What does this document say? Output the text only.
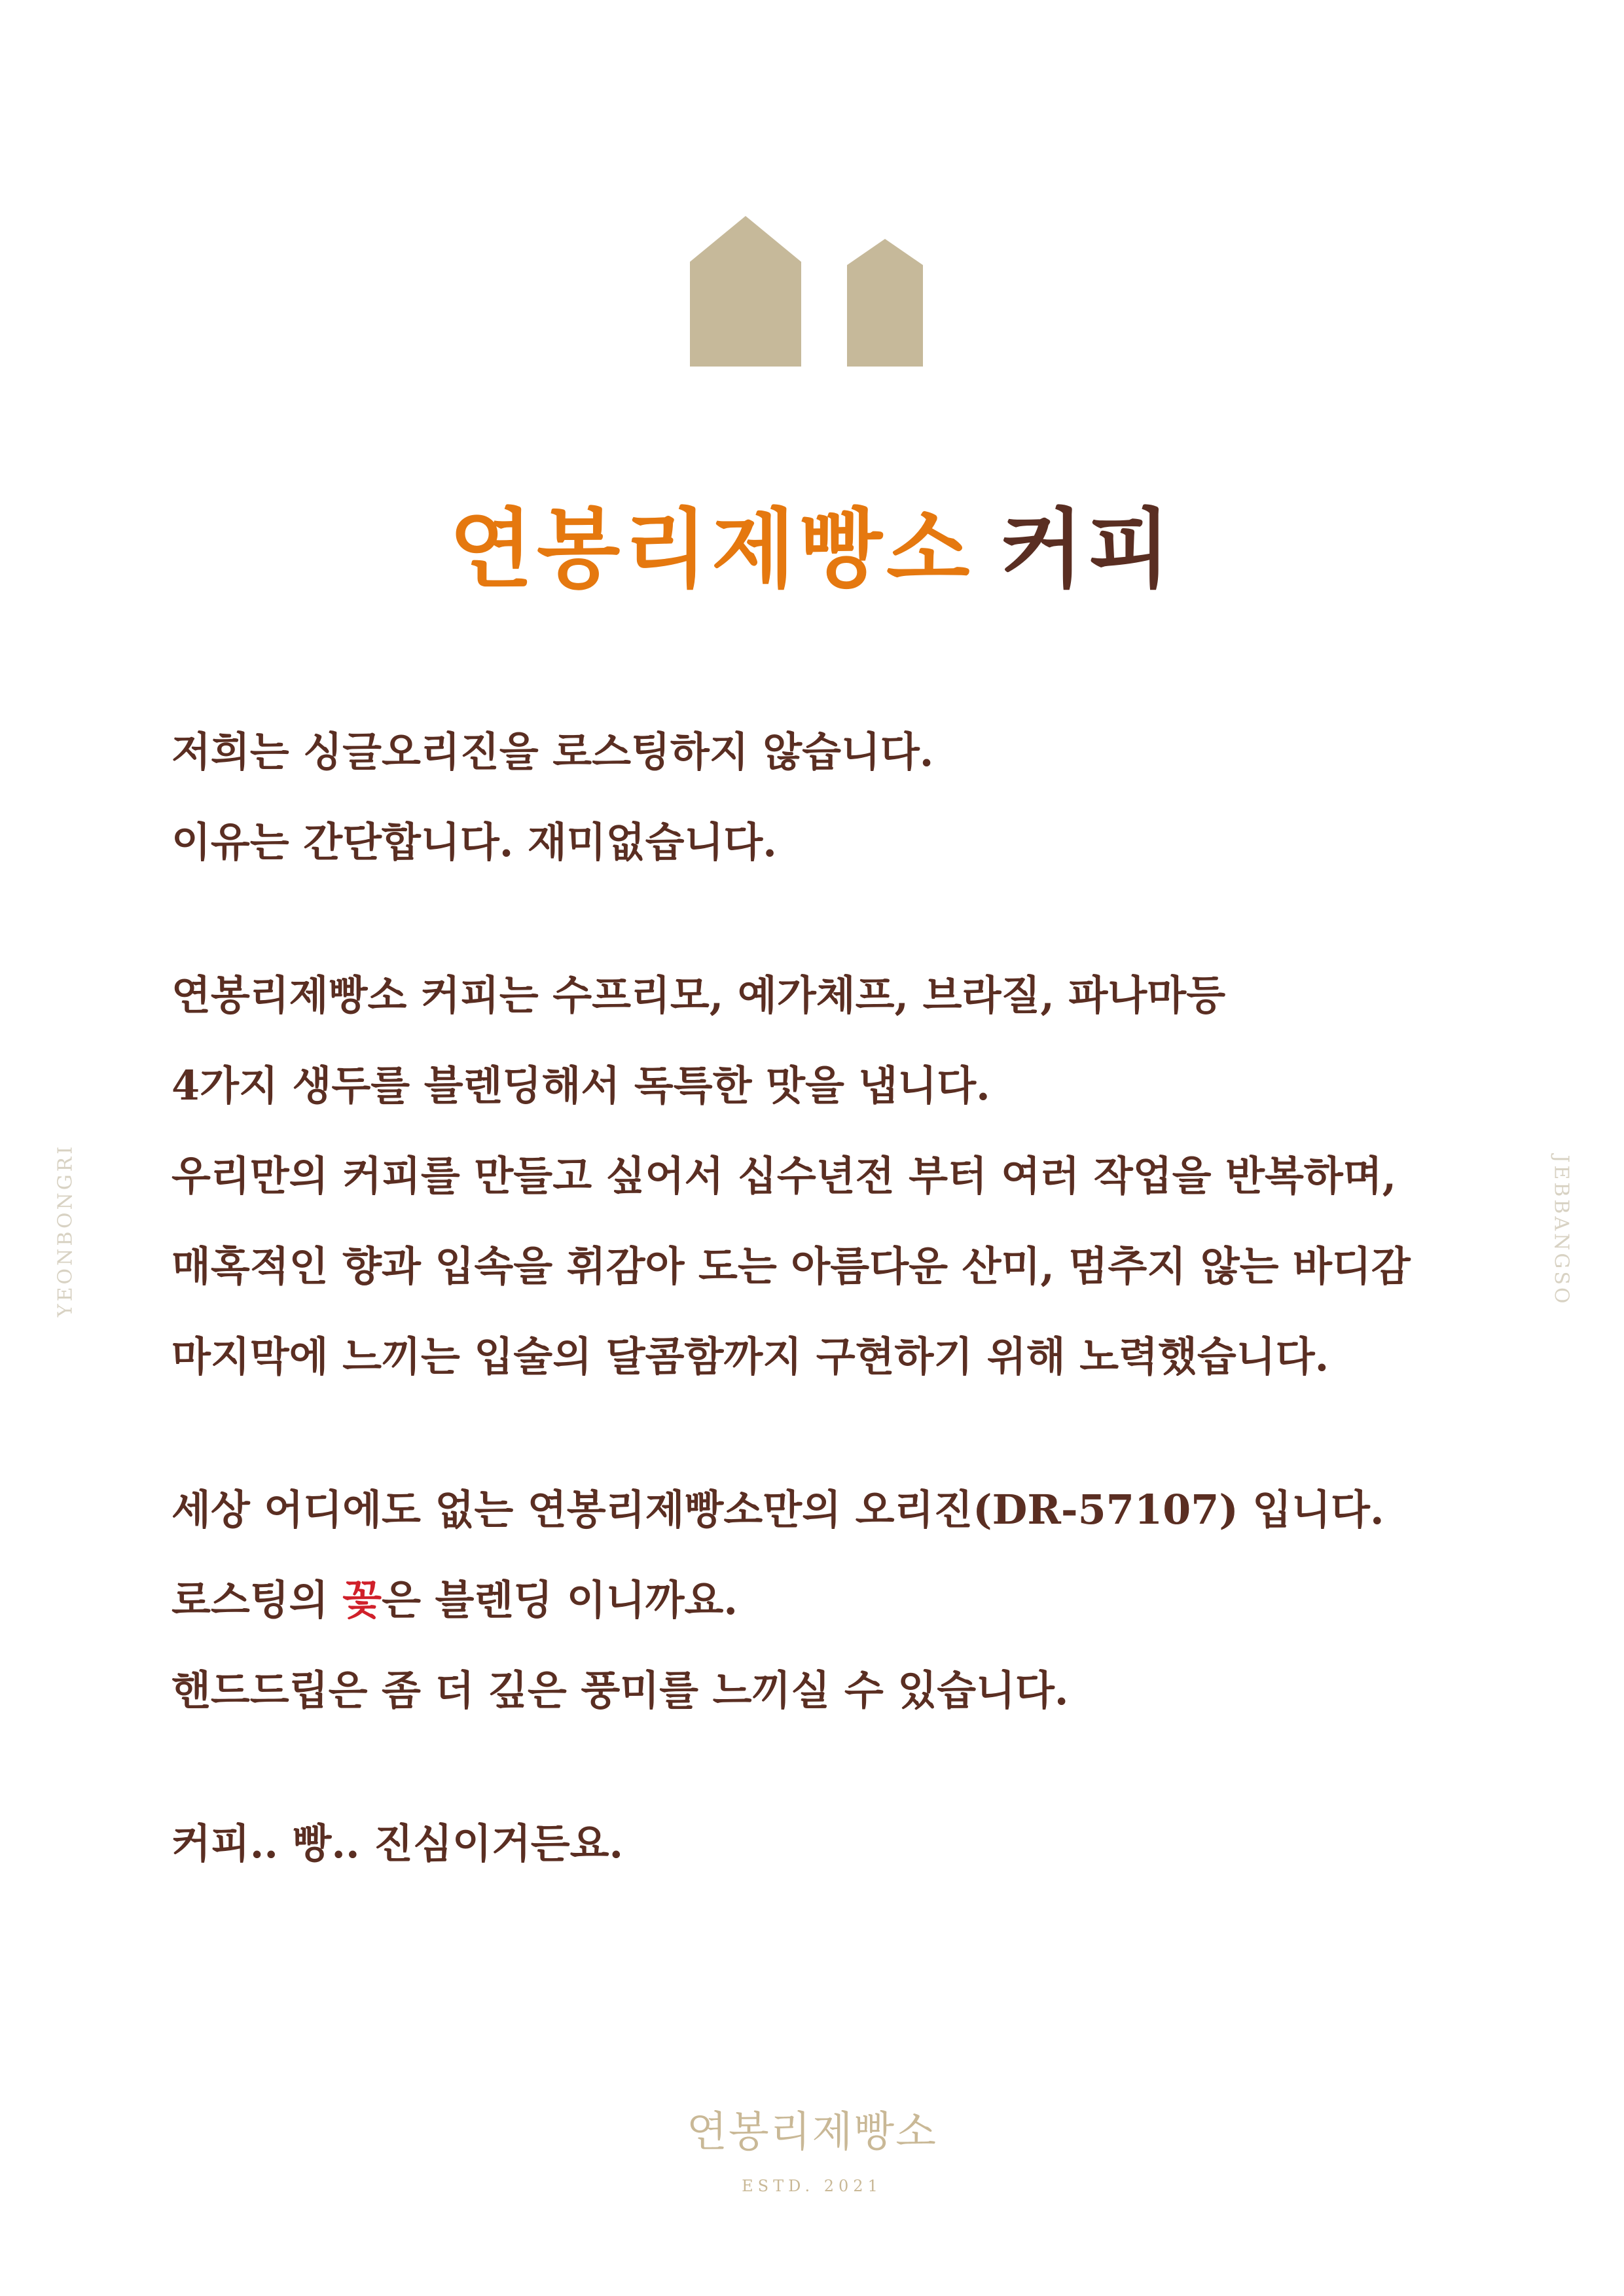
연봉리제빵소 커피
저희는 싱글오리진을 로스팅하지 않습니다.
이유는 간단합니다. 재미없습니다.
연봉리제빵소 커피는 수프리모, 예가체프, 브라질, 파나마등
4가지 생두를 블렌딩해서 독특한 맛을 냅니다.
우리만의 커피를 만들고 싶어서 십수년전 부터 여러 작업을 반복하며,
매혹적인 향과 입속을 휘감아 도는 아름다운 산미, 멈추지 않는 바디감
마지막에 느끼는 입술의 달콤함까지 구현하기 위해 노력했습니다.
세상 어디에도 없는 연봉리제빵소만의 오리진(DR-57107) 입니다.
로스팅의 꽃은 블렌딩 이니까요.
핸드드립은 좀 더 깊은 풍미를 느끼실 수 있습니다.
커피.. 빵.. 진심이거든요.
YEONBONGRI	JEBBANGSO
연봉리제빵소
ESTD. 2021
